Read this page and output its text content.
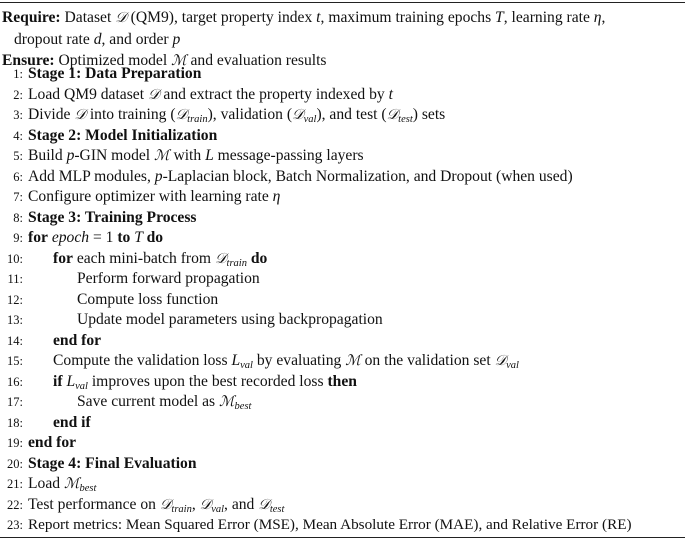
Require: Dataset 𝒟 (QM9), target property index t, maximum training epochs T, learning rate η,
dropout rate d, and order p
Ensure: Optimized model ℳ and evaluation results
1: Stage 1: Data Preparation
2: Load QM9 dataset 𝒟 and extract the property indexed by t
3: Divide 𝒟 into training (𝒟$_{train}$), validation (𝒟$_{val}$), and test (𝒟$_{test}$) sets
4: Stage 2: Model Initialization
5: Build p-GIN model ℳ with L message-passing layers
6: Add MLP modules, p-Laplacian block, Batch Normalization, and Dropout (when used)
7: Configure optimizer with learning rate η
8: Stage 3: Training Process
9: for epoch = 1 to T do
10: for each mini-batch from 𝒟$_{train}$ do
11:	Perform forward propagation
12:	Compute loss function
13:	Update model parameters using backpropagation
14: end for
15: Compute the validation loss $L_{val}$ by evaluating ℳ on the validation set 𝒟$_{val}$
16: if $L_{val}$ improves upon the best recorded loss then
17:	Save current model as ℳ$_{best}$
18: end if
19: end for
20: Stage 4: Final Evaluation
21: Load ℳ$_{best}$
22: Test performance on 𝒟$_{train}$, 𝒟$_{val}$, and 𝒟$_{test}$
23: Report metrics: Mean Squared Error (MSE), Mean Absolute Error (MAE), and Relative Error (RE)
